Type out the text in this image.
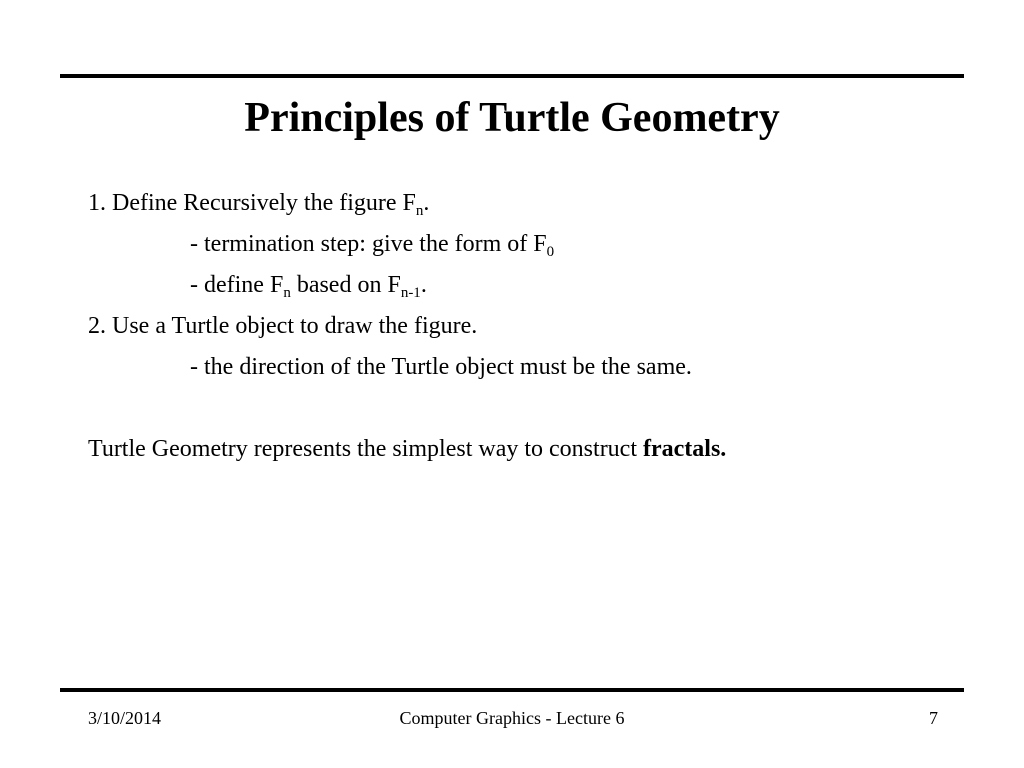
Principles of Turtle Geometry
1. Define Recursively the figure $F_n$.
- termination step: give the form of $F_0$
- define $F_n$ based on $F_{n-1}$.
2. Use a Turtle object to draw the figure.
- the direction of the Turtle object must be the same.
Turtle Geometry represents the simplest way to construct fractals.
3/10/2014	Computer Graphics - Lecture 6	7
